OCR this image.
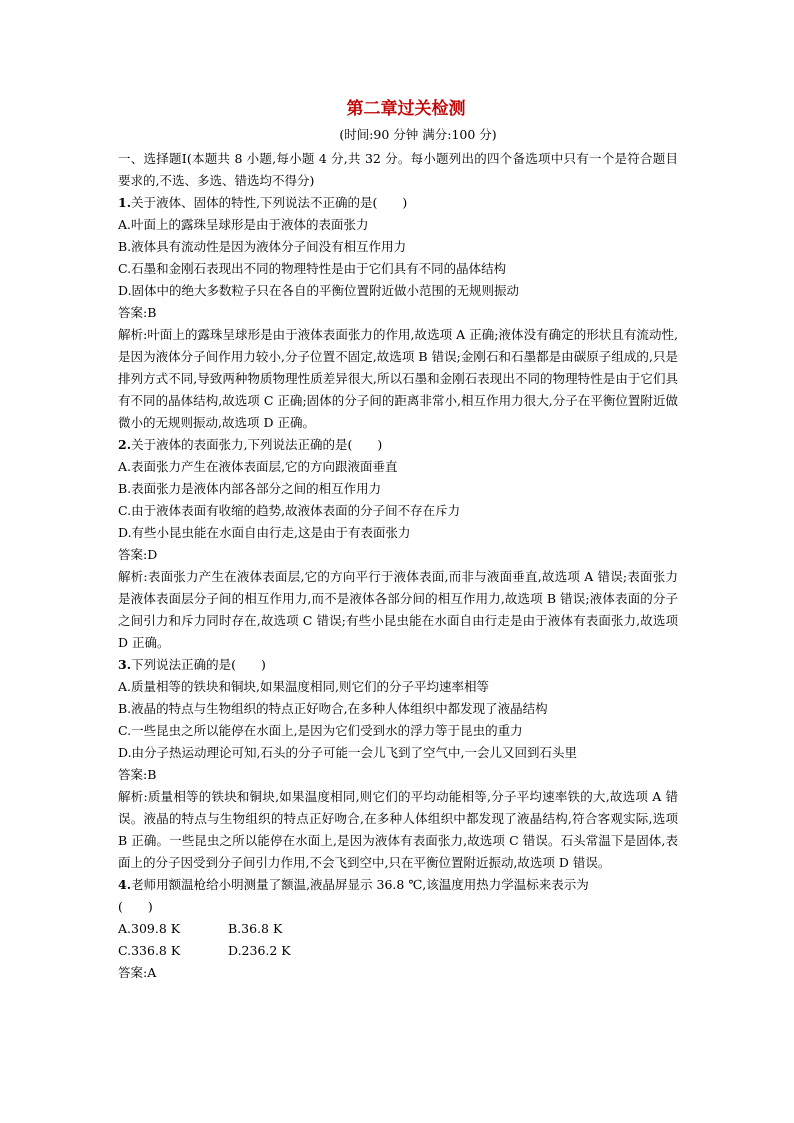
第二章过关检测
(时间:90 分钟 满分:100 分)
一、选择题Ⅰ(本题共 8 小题,每小题 4 分,共 32 分。每小题列出的四个备选项中只有一个是符合题目要求的,不选、多选、错选均不得分)
1.关于液体、固体的特性,下列说法不正确的是(　　)
A.叶面上的露珠呈球形是由于液体的表面张力
B.液体具有流动性是因为液体分子间没有相互作用力
C.石墨和金刚石表现出不同的物理特性是由于它们具有不同的晶体结构
D.固体中的绝大多数粒子只在各自的平衡位置附近做小范围的无规则振动
答案:B
解析:叶面上的露珠呈球形是由于液体表面张力的作用,故选项 A 正确;液体没有确定的形状且有流动性,是因为液体分子间作用力较小,分子位置不固定,故选项 B 错误;金刚石和石墨都是由碳原子组成的,只是排列方式不同,导致两种物质物理性质差异很大,所以石墨和金刚石表现出不同的物理特性是由于它们具有不同的晶体结构,故选项 C 正确;固体的分子间的距离非常小,相互作用力很大,分子在平衡位置附近做微小的无规则振动,故选项 D 正确。
2.关于液体的表面张力,下列说法正确的是(　　)
A.表面张力产生在液体表面层,它的方向跟液面垂直
B.表面张力是液体内部各部分之间的相互作用力
C.由于液体表面有收缩的趋势,故液体表面的分子间不存在斥力
D.有些小昆虫能在水面自由行走,这是由于有表面张力
答案:D
解析:表面张力产生在液体表面层,它的方向平行于液体表面,而非与液面垂直,故选项 A 错误;表面张力是液体表面层分子间的相互作用力,而不是液体各部分间的相互作用力,故选项 B 错误;液体表面的分子之间引力和斥力同时存在,故选项 C 错误;有些小昆虫能在水面自由行走是由于液体有表面张力,故选项 D 正确。
3.下列说法正确的是(　　)
A.质量相等的铁块和铜块,如果温度相同,则它们的分子平均速率相等
B.液晶的特点与生物组织的特点正好吻合,在多种人体组织中都发现了液晶结构
C.一些昆虫之所以能停在水面上,是因为它们受到水的浮力等于昆虫的重力
D.由分子热运动理论可知,石头的分子可能一会儿飞到了空气中,一会儿又回到石头里
答案:B
解析:质量相等的铁块和铜块,如果温度相同,则它们的平均动能相等,分子平均速率铁的大,故选项 A 错误。液晶的特点与生物组织的特点正好吻合,在多种人体组织中都发现了液晶结构,符合客观实际,选项 B 正确。一些昆虫之所以能停在水面上,是因为液体有表面张力,故选项 C 错误。石头常温下是固体,表面上的分子因受到分子间引力作用,不会飞到空中,只在平衡位置附近振动,故选项 D 错误。
4.老师用额温枪给小明测量了额温,液晶屏显示 36.8 ℃,该温度用热力学温标来表示为
(　　)
A.309.8 K	B.36.8 K
C.336.8 K	D.236.2 K
答案:A
